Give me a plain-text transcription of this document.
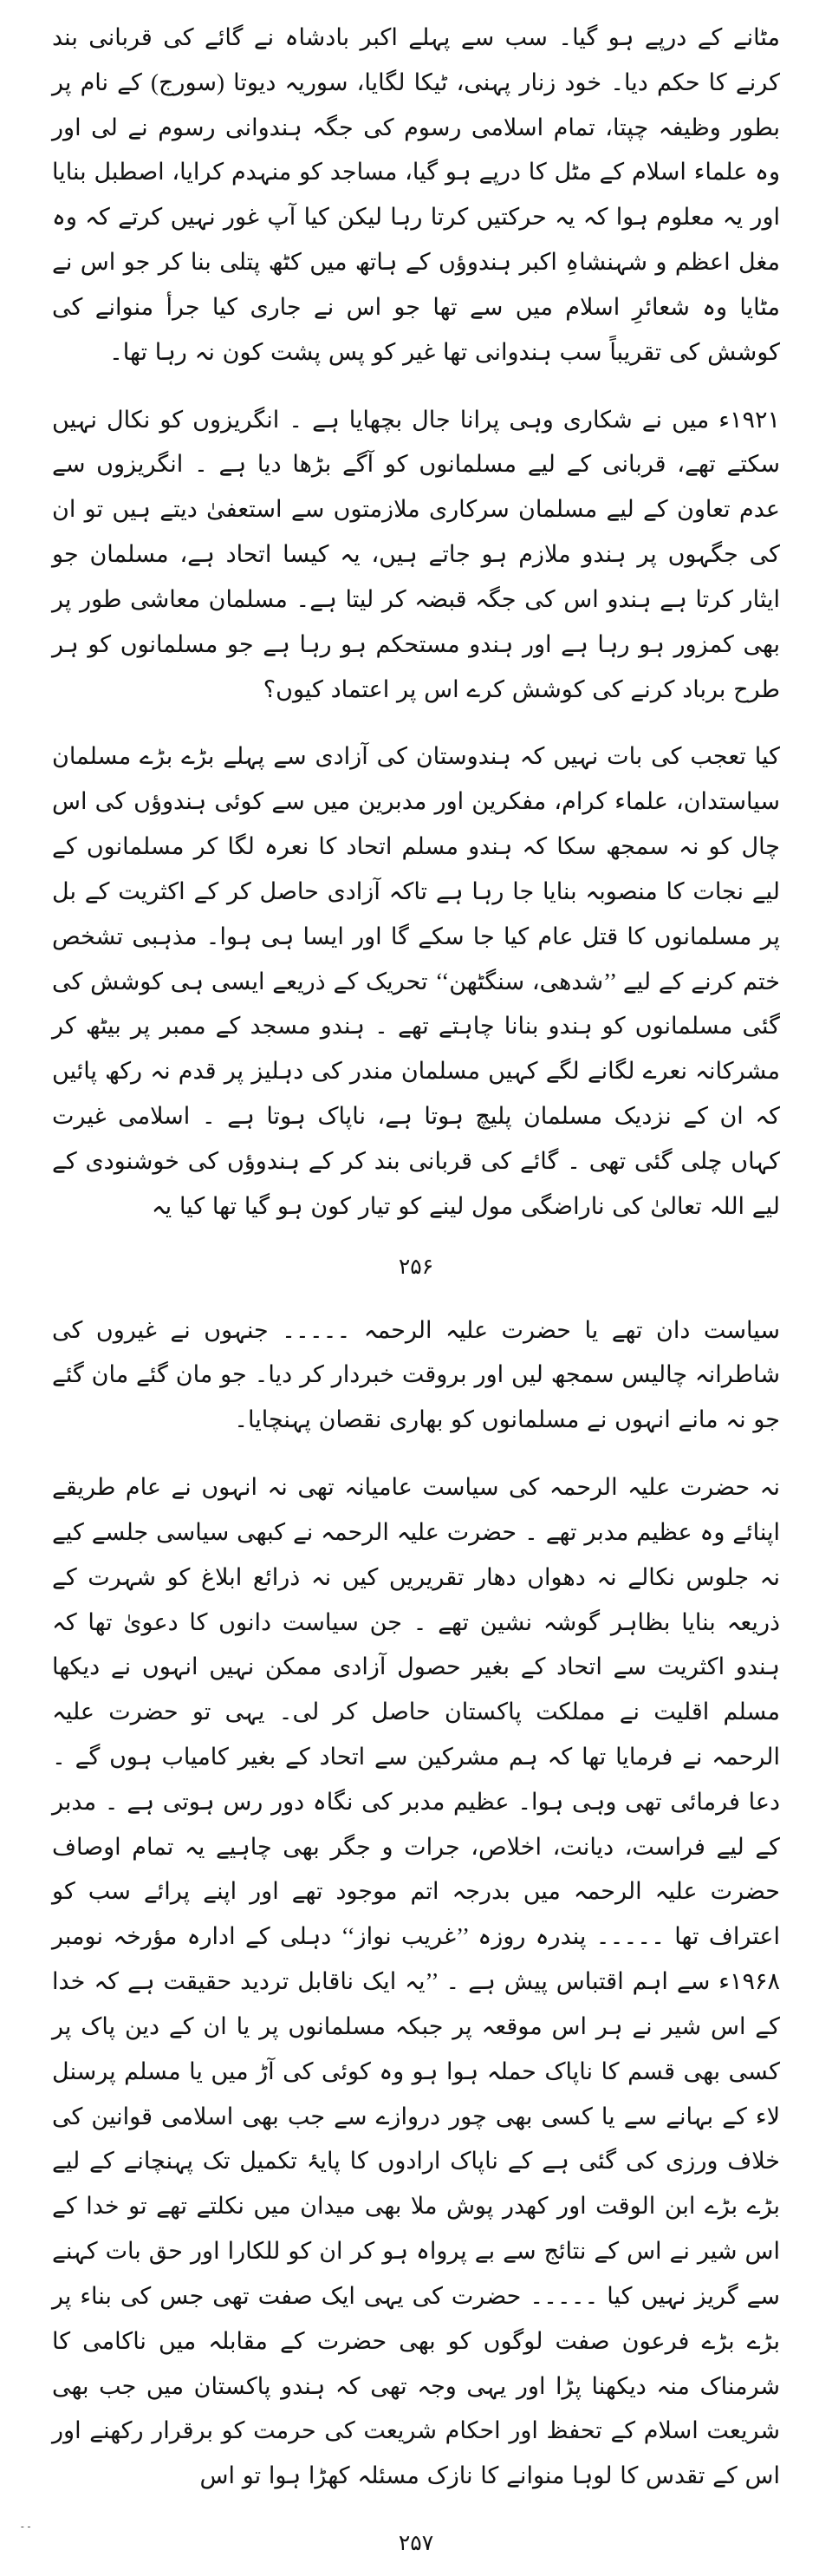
مٹانے کے درپے ہو گیا۔ سب سے پہلے اکبر بادشاہ نے گائے کی قربانی بند کرنے کا حکم دیا۔ خود زنار پہنی، ٹیکا لگایا، سوریہ دیوتا (سورج) کے نام پر بطور وظیفہ چپتا، تمام اسلامی رسوم کی جگہ ہندوانی رسوم نے لی اور وہ علماء اسلام کے مٹل کا درپے ہو گیا، مساجد کو منہدم کرایا، اصطبل بنایا اور یہ معلوم ہوا کہ یہ حرکتیں کرتا رہا لیکن کیا آپ غور نہیں کرتے کہ وہ مغل اعظم و شہنشاہِ اکبر ہندوؤں کے ہاتھ میں کٹھ پتلی بنا کر جو اس نے مٹایا وہ شعائرِ اسلام میں سے تھا جو اس نے جاری کیا جرأ منوانے کی کوشش کی تقریباً سب ہندوانی تھا غیر کو پس پشت کون نہ رہا تھا۔

۱۹۲۱ء میں نے شکاری وہی پرانا جال بچھایا ہے ۔ انگریزوں کو نکال نہیں سکتے تھے، قربانی کے لیے مسلمانوں کو آگے بڑھا دیا ہے ۔ انگریزوں سے عدم تعاون کے لیے مسلمان سرکاری ملازمتوں سے استعفیٰ دیتے ہیں تو ان کی جگہوں پر ہندو ملازم ہو جاتے ہیں، یہ کیسا اتحاد ہے، مسلمان جو ایثار کرتا ہے ہندو اس کی جگہ قبضہ کر لیتا ہے۔ مسلمان معاشی طور پر بھی کمزور ہو رہا ہے اور ہندو مستحکم ہو رہا ہے جو مسلمانوں کو ہر طرح برباد کرنے کی کوشش کرے اس پر اعتماد کیوں؟

کیا تعجب کی بات نہیں کہ ہندوستان کی آزادی سے پہلے بڑے بڑے مسلمان سیاستدان، علماء کرام، مفکرین اور مدبرین میں سے کوئی ہندوؤں کی اس چال کو نہ سمجھ سکا کہ ہندو مسلم اتحاد کا نعرہ لگا کر مسلمانوں کے لیے نجات کا منصوبہ بنایا جا رہا ہے تاکہ آزادی حاصل کر کے اکثریت کے بل پر مسلمانوں کا قتل عام کیا جا سکے گا اور ایسا ہی ہوا۔ مذہبی تشخص ختم کرنے کے لیے ’’شدھی، سنگٹھن‘‘ تحریک کے ذریعے ایسی ہی کوشش کی گئی مسلمانوں کو ہندو بنانا چاہتے تھے ۔ ہندو مسجد کے ممبر پر بیٹھ کر مشرکانہ نعرے لگانے لگے کہیں مسلمان مندر کی دہلیز پر قدم نہ رکھ پائیں کہ ان کے نزدیک مسلمان پلیچ ہوتا ہے، ناپاک ہوتا ہے ۔ اسلامی غیرت کہاں چلی گئی تھی ۔ گائے کی قربانی بند کر کے ہندوؤں کی خوشنودی کے لیے اللہ تعالیٰ کی ناراضگی مول لینے کو تیار کون ہو گیا تھا کیا یہ

۲۵۶

سیاست دان تھے یا حضرت علیہ الرحمہ ۔۔۔۔۔ جنہوں نے غیروں کی شاطرانہ چالیس سمجھ لیں اور بروقت خبردار کر دیا۔ جو مان گئے مان گئے جو نہ مانے انہوں نے مسلمانوں کو بھاری نقصان پہنچایا۔

نہ حضرت علیہ الرحمہ کی سیاست عامیانہ تھی نہ انہوں نے عام طریقے اپنائے وہ عظیم مدبر تھے ۔ حضرت علیہ الرحمہ نے کبھی سیاسی جلسے کیے نہ جلوس نکالے نہ دھواں دھار تقریریں کیں نہ ذرائع ابلاغ کو شہرت کے ذریعہ بنایا بظاہر گوشہ نشین تھے ۔ جن سیاست دانوں کا دعویٰ تھا کہ ہندو اکثریت سے اتحاد کے بغیر حصول آزادی ممکن نہیں انہوں نے دیکھا مسلم اقلیت نے مملکت پاکستان حاصل کر لی۔ یہی تو حضرت علیہ الرحمہ نے فرمایا تھا کہ ہم مشرکین سے اتحاد کے بغیر کامیاب ہوں گے ۔ دعا فرمائی تھی وہی ہوا۔ عظیم مدبر کی نگاہ دور رس ہوتی ہے ۔ مدبر کے لیے فراست، دیانت، اخلاص، جرات و جگر بھی چاہیے یہ تمام اوصاف حضرت علیہ الرحمہ میں بدرجہ اتم موجود تھے اور اپنے پرائے سب کو اعتراف تھا ۔۔۔۔۔ پندرہ روزہ ’’غریب نواز‘‘ دہلی کے ادارہ مؤرخہ نومبر ۱۹۶۸ء سے اہم اقتباس پیش ہے ۔ ’’یہ ایک ناقابل تردید حقیقت ہے کہ خدا کے اس شیر نے ہر اس موقعہ پر جبکہ مسلمانوں پر یا ان کے دین پاک پر کسی بھی قسم کا ناپاک حملہ ہوا ہو وہ کوئی کی آڑ میں یا مسلم پرسنل لاء کے بہانے سے یا کسی بھی چور دروازے سے جب بھی اسلامی قوانین کی خلاف ورزی کی گئی ہے کے ناپاک ارادوں کا پایۂ تکمیل تک پہنچانے کے لیے بڑے بڑے ابن الوقت اور کھدر پوش ملا بھی میدان میں نکلتے تھے تو خدا کے اس شیر نے اس کے نتائج سے بے پرواہ ہو کر ان کو للکارا اور حق بات کہنے سے گریز نہیں کیا ۔۔۔۔۔ حضرت کی یہی ایک صفت تھی جس کی بناء پر بڑے بڑے فرعون صفت لوگوں کو بھی حضرت کے مقابلہ میں ناکامی کا شرمناک منہ دیکھنا پڑا اور یہی وجہ تھی کہ ہندو پاکستان میں جب بھی شریعت اسلام کے تحفظ اور احکام شریعت کی حرمت کو برقرار رکھنے اور اس کے تقدس کا لوہا منوانے کا نازک مسئلہ کھڑا ہوا تو اس

۔۔
۲۵۷
